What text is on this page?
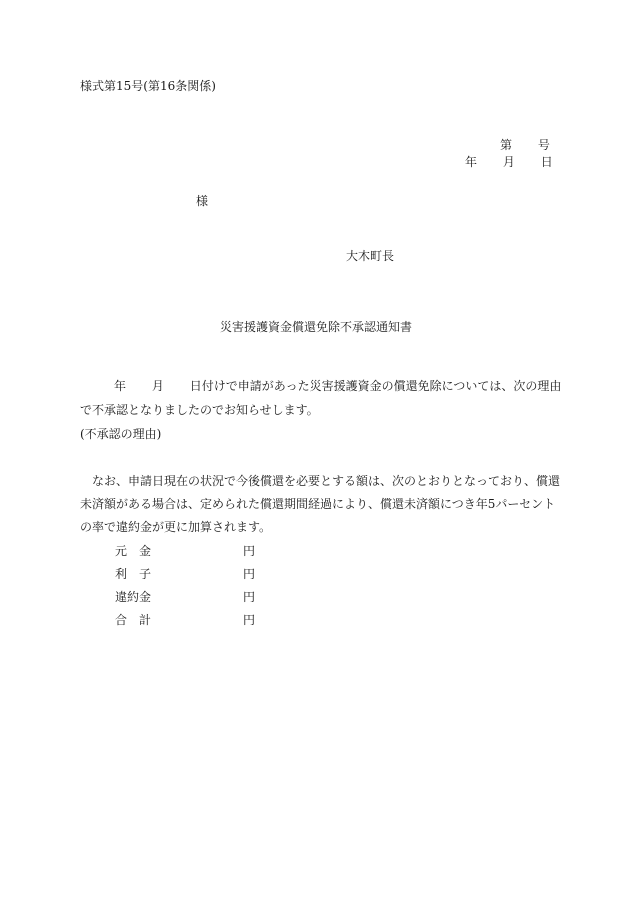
様式第15号(第16条関係)
第 号
年 月 日
様
大木町長
災害援護資金償還免除不承認通知書
年 月 日付けで申請があった災害援護資金の償還免除については、次の理由
で不承認となりましたのでお知らせします。
(不承認の理由)
なお、申請日現在の状況で今後償還を必要とする額は、次のとおりとなっており、償還
未済額がある場合は、定められた償還期間経過により、償還未済額につき年5パーセント
の率で違約金が更に加算されます。
元　金	円
利　子	円
違約金	円
合　計	円
